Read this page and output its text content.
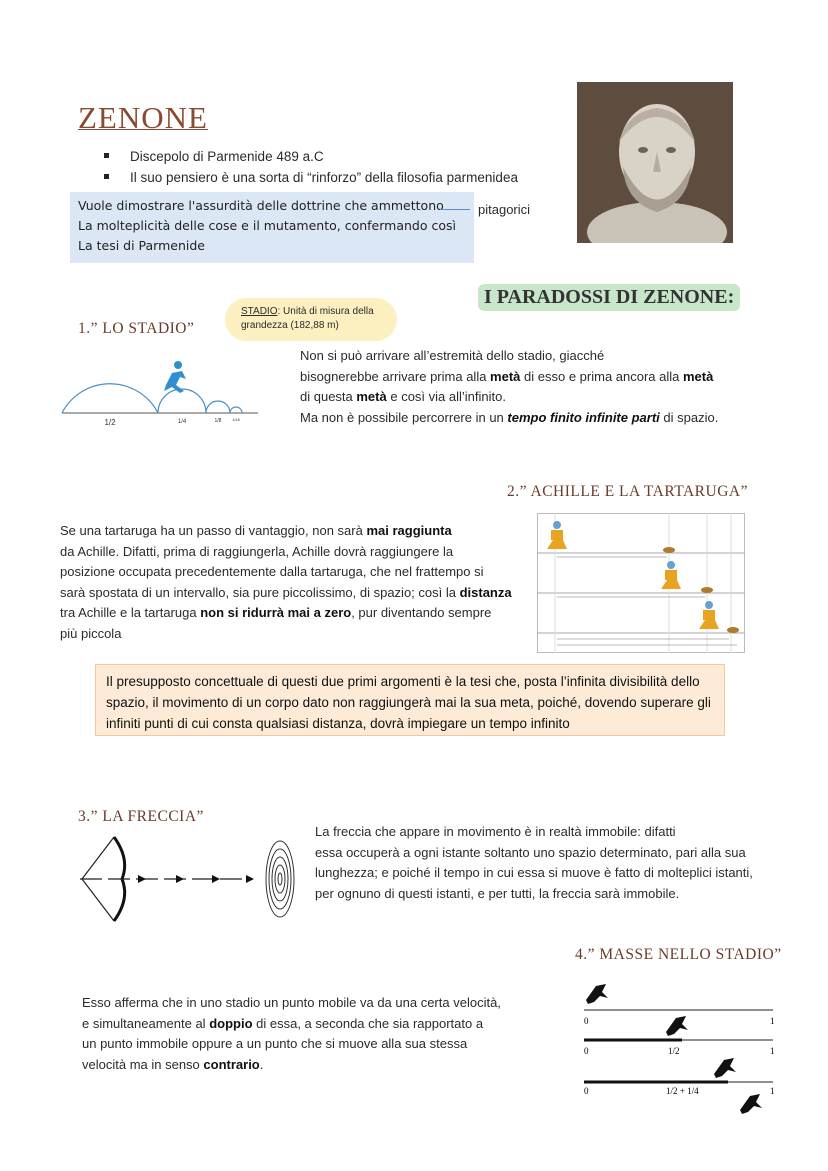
ZENONE
Discepolo di Parmenide 489 a.C
Il suo pensiero è una sorta di “rinforzo” della filosofia parmenidea
Vuole dimostrare l'assurdità delle dottrine che ammettono
La molteplicità delle cose e il mutamento, confermando così
La tesi di Parmenide
pitagorici
I PARADOSSI DI ZENONE:
STADIO: Unità di misura della grandezza (182,88 m)
1.” LO STADIO”
1/2	1/4	1/8	1/16
Non si può arrivare all’estremità dello stadio, giacché
bisognerebbe arrivare prima alla metà di esso e prima ancora alla metà
di questa metà e così via all’infinito.
Ma non è possibile percorrere in un tempo finito infinite parti di spazio.
2.” ACHILLE E LA TARTARUGA”
Se una tartaruga ha un passo di vantaggio, non sarà mai raggiunta
da Achille. Difatti, prima di raggiungerla, Achille dovrà raggiungere la
posizione occupata precedentemente dalla tartaruga, che nel frattempo si
sarà spostata di un intervallo, sia pure piccolissimo, di spazio; così la distanza
tra Achille e la tartaruga non si ridurrà mai a zero, pur diventando sempre
più piccola
Il presupposto concettuale di questi due primi argomenti è la tesi che, posta l’infinita divisibilità dello spazio, il movimento di un corpo dato non raggiungerà mai la sua meta, poiché, dovendo superare gli infiniti punti di cui consta qualsiasi distanza, dovrà impiegare un tempo infinito
3.” LA FRECCIA”
La freccia che appare in movimento è in realtà immobile: difatti
essa occuperà a ogni istante soltanto uno spazio determinato, pari alla sua
lunghezza; e poiché il tempo in cui essa si muove è fatto di molteplici istanti,
per ognuno di questi istanti, e per tutti, la freccia sarà immobile.
4.” MASSE NELLO STADIO”
Esso afferma che in uno stadio un punto mobile va da una certa velocità,
e simultaneamente al doppio di essa, a seconda che sia rapportato a
un punto immobile oppure a un punto che si muove alla sua stessa
velocità ma in senso contrario.
0	1
0	1/2	1
0	1/2 + 1/4	1
